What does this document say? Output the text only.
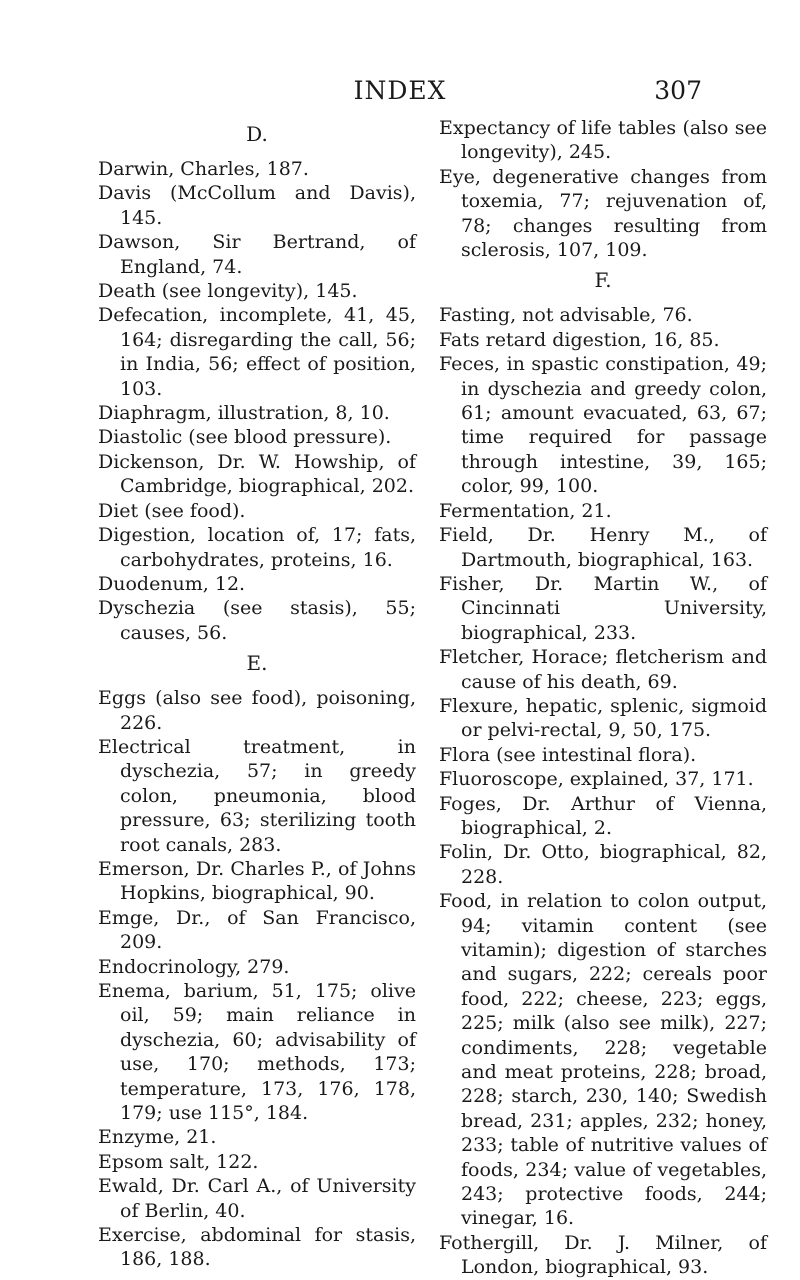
INDEX	307
D.

Darwin, Charles, 187.

Davis (McCollum and Davis), 145.

Dawson, Sir Bertrand, of England, 74.

Death (see longevity), 145.

Defecation, incomplete, 41, 45, 164; disregarding the call, 56; in India, 56; effect of position, 103.

Diaphragm, illustration, 8, 10.

Diastolic (see blood pressure).

Dickenson, Dr. W. Howship, of Cambridge, biographical, 202.

Diet (see food).

Digestion, location of, 17; fats, carbohydrates, proteins, 16.

Duodenum, 12.

Dyschezia (see stasis), 55; causes, 56.

E.

Eggs (also see food), poisoning, 226.

Electrical treatment, in dyschezia, 57; in greedy colon, pneumonia, blood pressure, 63; sterilizing tooth root canals, 283.

Emerson, Dr. Charles P., of Johns Hopkins, biographical, 90.

Emge, Dr., of San Francisco, 209.

Endocrinology, 279.

Enema, barium, 51, 175; olive oil, 59; main reliance in dyschezia, 60; advisability of use, 170; methods, 173; temperature, 173, 176, 178, 179; use 115°, 184.

Enzyme, 21.

Epsom salt, 122.

Ewald, Dr. Carl A., of University of Berlin, 40.

Exercise, abdominal for stasis, 186, 188.

Expectancy of life tables (also see longevity), 245.

Eye, degenerative changes from toxemia, 77; rejuvenation of, 78; changes resulting from sclerosis, 107, 109.

F.

Fasting, not advisable, 76.

Fats retard digestion, 16, 85.

Feces, in spastic constipation, 49; in dyschezia and greedy colon, 61; amount evacuated, 63, 67; time required for passage through intestine, 39, 165; color, 99, 100.

Fermentation, 21.

Field, Dr. Henry M., of Dartmouth, biographical, 163.

Fisher, Dr. Martin W., of Cincinnati University, biographical, 233.

Fletcher, Horace; fletcherism and cause of his death, 69.

Flexure, hepatic, splenic, sigmoid or pelvi-rectal, 9, 50, 175.

Flora (see intestinal flora).

Fluoroscope, explained, 37, 171.

Foges, Dr. Arthur of Vienna, biographical, 2.

Folin, Dr. Otto, biographical, 82, 228.

Food, in relation to colon output, 94; vitamin content (see vitamin); digestion of starches and sugars, 222; cereals poor food, 222; cheese, 223; eggs, 225; milk (also see milk), 227; condiments, 228; vegetable and meat proteins, 228; broad, 228; starch, 230, 140; Swedish bread, 231; apples, 232; honey, 233; table of nutritive values of foods, 234; value of vegetables, 243; protective foods, 244; vinegar, 16.

Fothergill, Dr. J. Milner, of London, biographical, 93.
